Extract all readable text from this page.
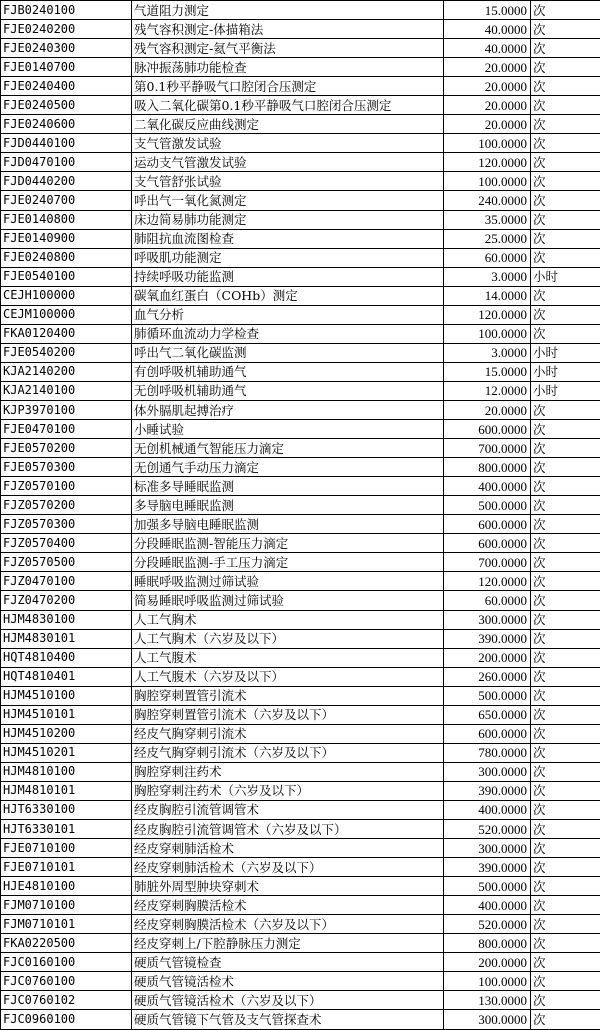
FJB0240100	气道阻力测定	15.0000	次
FJE0240200	残气容积测定-体描箱法	40.0000	次
FJE0240300	残气容积测定-氦气平衡法	40.0000	次
FJE0140700	脉冲振荡肺功能检查	20.0000	次
FJE0240400	第0.1秒平静吸气口腔闭合压测定	20.0000	次
FJE0240500	吸入二氧化碳第0.1秒平静吸气口腔闭合压测定	20.0000	次
FJE0240600	二氧化碳反应曲线测定	20.0000	次
FJD0440100	支气管激发试验	100.0000	次
FJD0470100	运动支气管激发试验	120.0000	次
FJD0440200	支气管舒张试验	100.0000	次
FJE0240700	呼出气一氧化氮测定	240.0000	次
FJE0140800	床边简易肺功能测定	35.0000	次
FJE0140900	肺阻抗血流图检查	25.0000	次
FJE0240800	呼吸肌功能测定	60.0000	次
FJE0540100	持续呼吸功能监测	3.0000	小时
CEJH100000	碳氧血红蛋白（COHb）测定	14.0000	次
CEJM100000	血气分析	120.0000	次
FKA0120400	肺循环血流动力学检查	100.0000	次
FJE0540200	呼出气二氧化碳监测	3.0000	小时
KJA2140200	有创呼吸机辅助通气	15.0000	小时
KJA2140100	无创呼吸机辅助通气	12.0000	小时
KJP3970100	体外膈肌起搏治疗	20.0000	次
FJE0470100	小睡试验	600.0000	次
FJE0570200	无创机械通气智能压力滴定	700.0000	次
FJE0570300	无创通气手动压力滴定	800.0000	次
FJZ0570100	标准多导睡眠监测	400.0000	次
FJZ0570200	多导脑电睡眠监测	500.0000	次
FJZ0570300	加强多导脑电睡眠监测	600.0000	次
FJZ0570400	分段睡眠监测-智能压力滴定	600.0000	次
FJZ0570500	分段睡眠监测-手工压力滴定	700.0000	次
FJZ0470100	睡眠呼吸监测过筛试验	120.0000	次
FJZ0470200	简易睡眠呼吸监测过筛试验	60.0000	次
HJM4830100	人工气胸术	300.0000	次
HJM4830101	人工气胸术（六岁及以下）	390.0000	次
HQT4810400	人工气腹术	200.0000	次
HQT4810401	人工气腹术（六岁及以下）	260.0000	次
HJM4510100	胸腔穿刺置管引流术	500.0000	次
HJM4510101	胸腔穿刺置管引流术（六岁及以下）	650.0000	次
HJM4510200	经皮气胸穿刺引流术	600.0000	次
HJM4510201	经皮气胸穿刺引流术（六岁及以下）	780.0000	次
HJM4810100	胸腔穿刺注药术	300.0000	次
HJM4810101	胸腔穿刺注药术（六岁及以下）	390.0000	次
HJT6330100	经皮胸腔引流管调管术	400.0000	次
HJT6330101	经皮胸腔引流管调管术（六岁及以下）	520.0000	次
FJE0710100	经皮穿刺肺活检术	300.0000	次
FJE0710101	经皮穿刺肺活检术（六岁及以下）	390.0000	次
HJE4810100	肺脏外周型肿块穿刺术	500.0000	次
FJM0710100	经皮穿刺胸膜活检术	400.0000	次
FJM0710101	经皮穿刺胸膜活检术（六岁及以下）	520.0000	次
FKA0220500	经皮穿刺上/下腔静脉压力测定	800.0000	次
FJC0160100	硬质气管镜检查	200.0000	次
FJC0760100	硬质气管镜活检术	100.0000	次
FJC0760102	硬质气管镜活检术（六岁及以下）	130.0000	次
FJC0960100	硬质气管镜下气管及支气管探查术	300.0000	次
